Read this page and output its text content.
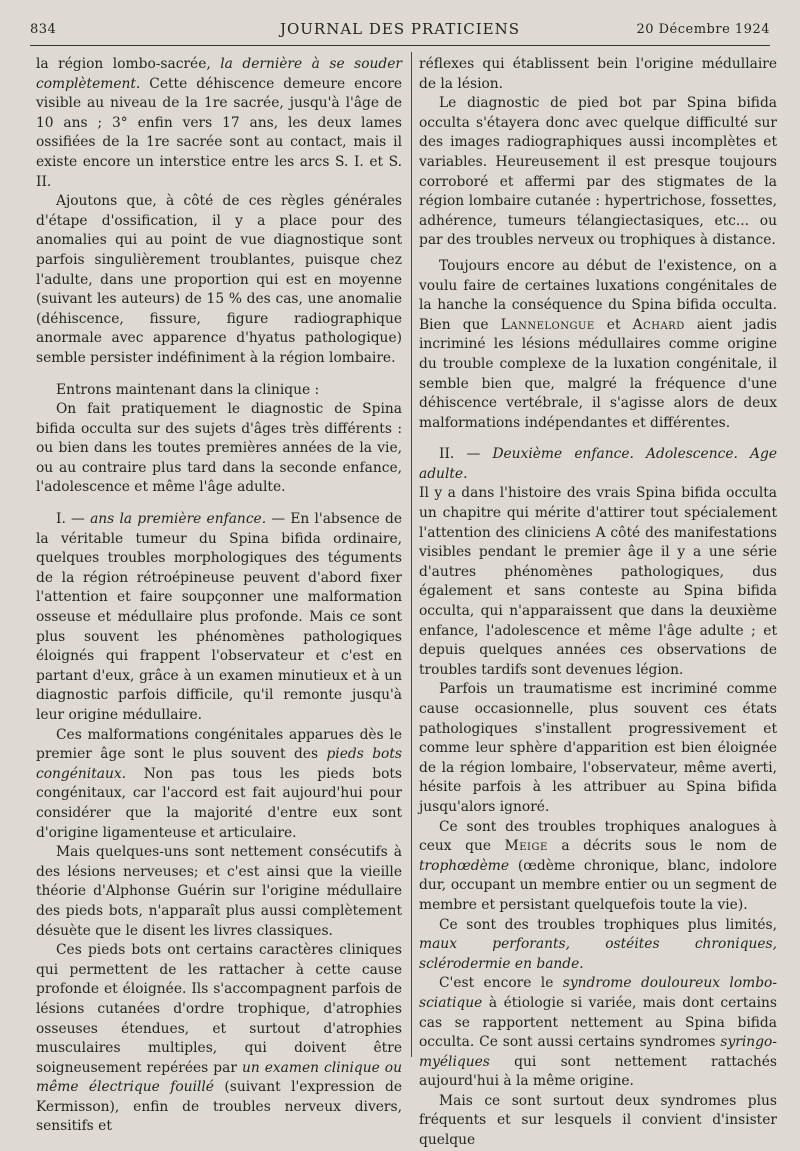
834	JOURNAL DES PRATICIENS	20 Décembre 1924

la région lombo-sacrée, la dernière à se souder complètement. Cette déhiscence demeure encore visible au niveau de la 1re sacrée, jusqu'à l'âge de 10 ans ; 3° enfin vers 17 ans, les deux lames ossifiées de la 1re sacrée sont au contact, mais il existe encore un interstice entre les arcs S. I. et S. II.

Ajoutons que, à côté de ces règles générales d'étape d'ossification, il y a place pour des anomalies qui au point de vue diagnostique sont parfois singulièrement troublantes, puisque chez l'adulte, dans une proportion qui est en moyenne (suivant les auteurs) de 15 % des cas, une anomalie (déhiscence, fissure, figure radiographique anormale avec apparence d'hyatus pathologique) semble persister indéfiniment à la région lombaire.

Entrons maintenant dans la clinique :

On fait pratiquement le diagnostic de Spina bifida occulta sur des sujets d'âges très différents : ou bien dans les toutes premières années de la vie, ou au contraire plus tard dans la seconde enfance, l'adolescence et même l'âge adulte.

I. — ans la première enfance. — En l'absence de la véritable tumeur du Spina bifida ordinaire, quelques troubles morphologiques des téguments de la région rétroépineuse peuvent d'abord fixer l'attention et faire soupçonner une malformation osseuse et médullaire plus profonde. Mais ce sont plus souvent les phénomènes pathologiques éloignés qui frappent l'observateur et c'est en partant d'eux, grâce à un examen minutieux et à un diagnostic parfois difficile, qu'il remonte jusqu'à leur origine médullaire.

Ces malformations congénitales apparues dès le premier âge sont le plus souvent des pieds bots congénitaux. Non pas tous les pieds bots congénitaux, car l'accord est fait aujourd'hui pour considérer que la majorité d'entre eux sont d'origine ligamenteuse et articulaire.

Mais quelques-uns sont nettement consécutifs à des lésions nerveuses; et c'est ainsi que la vieille théorie d'Alphonse Guérin sur l'origine médullaire des pieds bots, n'apparaît plus aussi complètement désuète que le disent les livres classiques.

Ces pieds bots ont certains caractères cliniques qui permettent de les rattacher à cette cause profonde et éloignée. Ils s'accompagnent parfois de lésions cutanées d'ordre trophique, d'atrophies osseuses étendues, et surtout d'atrophies musculaires multiples, qui doivent être soigneusement repérées par un examen clinique ou même électrique fouillé (suivant l'expression de Kermisson), enfin de troubles nerveux divers, sensitifs et

réflexes qui établissent bein l'origine médullaire de la lésion.

Le diagnostic de pied bot par Spina bifida occulta s'étayera donc avec quelque difficulté sur des images radiographiques aussi incomplètes et variables. Heureusement il est presque toujours corroboré et affermi par des stigmates de la région lombaire cutanée : hypertrichose, fossettes, adhérence, tumeurs télangiectasiques, etc... ou par des troubles nerveux ou trophiques à distance.

Toujours encore au début de l'existence, on a voulu faire de certaines luxations congénitales de la hanche la conséquence du Spina bifida occulta. Bien que Lannelongue et Achard aient jadis incriminé les lésions médullaires comme origine du trouble complexe de la luxation congénitale, il semble bien que, malgré la fréquence d'une déhiscence vertébrale, il s'agisse alors de deux malformations indépendantes et différentes.

II. — Deuxième enfance. Adolescence. Age adulte.

Il y a dans l'histoire des vrais Spina bifida occulta un chapitre qui mérite d'attirer tout spécialement l'attention des cliniciens A côté des manifestations visibles pendant le premier âge il y a une série d'autres phénomènes pathologiques, dus également et sans conteste au Spina bifida occulta, qui n'apparaissent que dans la deuxième enfance, l'adolescence et même l'âge adulte ; et depuis quelques années ces observations de troubles tardifs sont devenues légion.

Parfois un traumatisme est incriminé comme cause occasionnelle, plus souvent ces états pathologiques s'installent progressivement et comme leur sphère d'apparition est bien éloignée de la région lombaire, l'observateur, même averti, hésite parfois à les attribuer au Spina bifida jusqu'alors ignoré.

Ce sont des troubles trophiques analogues à ceux que Meige a décrits sous le nom de trophœdème (œdème chronique, blanc, indolore dur, occupant un membre entier ou un segment de membre et persistant quelquefois toute la vie).

Ce sont des troubles trophiques plus limités, maux perforants, ostéites chroniques, sclérodermie en bande.

C'est encore le syndrome douloureux lombo-sciatique à étiologie si variée, mais dont certains cas se rapportent nettement au Spina bifida occulta. Ce sont aussi certains syndromes syringo-myéliques qui sont nettement rattachés aujourd'hui à la même origine.

Mais ce sont surtout deux syndromes plus fréquents et sur lesquels il convient d'insister quelque
